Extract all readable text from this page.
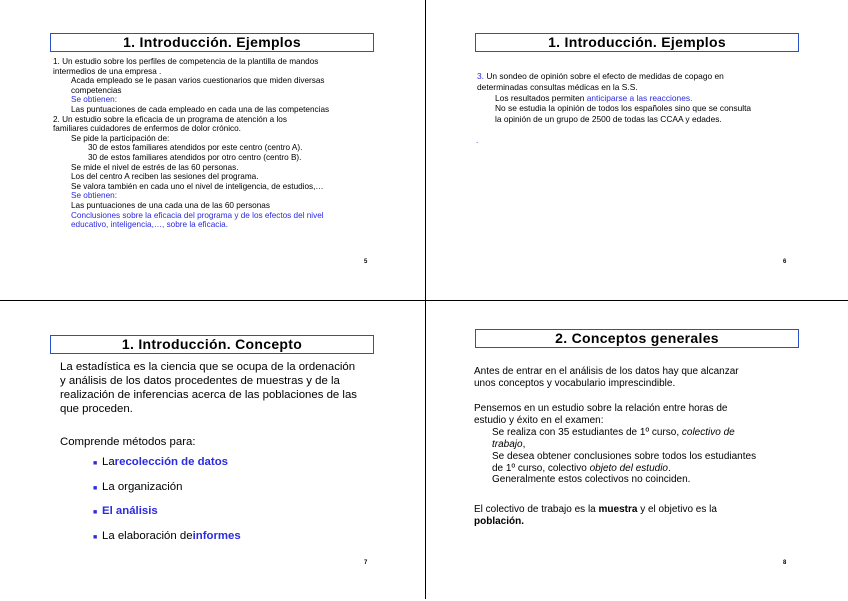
1. Introducción. Ejemplos
1. Un estudio sobre los perfiles de competencia de la plantilla de mandos
intermedios de una empresa .
Acada empleado se le pasan varios cuestionarios que miden diversas
competencias
Se obtienen:
Las puntuaciones de cada empleado en cada una de las competencias
2. Un estudio sobre la eficacia de un programa de atención a los
familiares cuidadores de enfermos de dolor crónico.
Se pide la participación de:
30 de estos familiares atendidos por este centro (centro A).
30 de estos familiares atendidos por otro centro (centro B).
Se mide el nivel de estrés de las 60 personas.
Los del centro A reciben las sesiones del programa.
Se valora también en cada uno el nivel de inteligencia, de estudios,…
Se obtienen:
Las puntuaciones de una cada una de las 60 personas
Conclusiones sobre la eficacia del programa y de los efectos del nivel
educativo, inteligencia,…, sobre la eficacia.
5
1. Introducción. Ejemplos
3. Un sondeo de opinión sobre el efecto de medidas de copago en
determinadas consultas médicas en la S.S.
Los resultados permiten anticiparse a las reacciones.
No se estudia la opinión de todos los españoles sino que se consulta
la opinión de un grupo de 2500 de todas las CCAA y edades.
.
6
1. Introducción. Concepto
La estadística es la ciencia que se ocupa de la ordenación
y análisis de los datos procedentes de muestras y de la
realización de inferencias acerca de las poblaciones de las
que proceden.
Comprende métodos para:
■ La recolección de datos
■ La organización
■ El análisis
■ La elaboración de informes
7
2. Conceptos generales
Antes de entrar en el análisis de los datos hay que alcanzar
unos conceptos y vocabulario imprescindible.
Pensemos en un estudio sobre la relación entre horas de
estudio y éxito en el examen:
Se realiza con 35 estudiantes de 1º curso, colectivo de
trabajo,
Se desea obtener conclusiones sobre todos los estudiantes
de 1º curso, colectivo objeto del estudio.
Generalmente estos colectivos no coinciden.
El colectivo de trabajo es la muestra y el objetivo es la
población.
8
